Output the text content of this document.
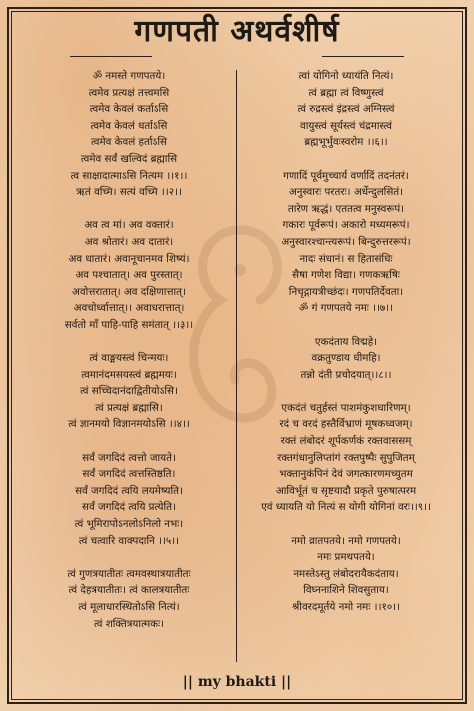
गणपती अथर्वशीर्ष
ॐ नमस्ते गणपतये।
त्वमेव प्रत्यक्षं तत्त्वमसि
त्वमेव केवलं कर्ताऽसि
त्वमेव केवलं धर्ताऽसि
त्वमेव केवलं हर्ताऽसि
त्वमेव सर्वं खल्विदं ब्रह्मासि
त्व साक्षादात्माऽसि नित्यम ।।१।।
ऋतं वच्मि। सत्यं वच्मि ।।२।।
अव त्व मां। अव वक्तारं।
अव श्रोतारं। अव दातारं।
अव धातारं। अवानूचानमव शिष्यं।
अव पश्चातात्। अव पुरस्तात्।
अवोत्तरातात्। अव दक्षिणात्तात्।
अवचोर्ध्वात्तात्।। अवाधरात्तात्।
सर्वतो माँ पाहि-पाहि समंतात् ।।३।।
त्वं वाङ्मयस्त्वं चिन्मयः।
त्वमानंदमसयस्त्वं ब्रह्ममयः।
त्वं सच्चिदानंदाद्वितीयोऽसि।
त्वं प्रत्यक्षं ब्रह्मासि।
त्वं ज्ञानमयो विज्ञानमयोऽसि ।।४।।
सर्वं जगदिदं त्वत्तो जायते।
सर्वं जगदिदं त्वत्तस्तिष्ठति।
सर्वं जगदिदं त्वयि लयमेष्यति।
सर्वं जगदिदं त्वयि प्रत्येति।
त्वं भूमिरापोऽनलोऽनिलो नभः।
त्वं चत्वारि वाक्पदानि ।।५।।
त्वं गुणत्रयातीतः त्वमवस्थात्रयातीतः
त्वं देहत्रयातीतः। त्वं कालत्रयातीतः
त्वं मूलाधारस्थितोऽसि नित्यं।
त्वं शक्तित्रयात्मकः।
त्वां योगिनो ध्यायंति नित्यं।
त्वं ब्रह्मा त्वं विष्णुस्त्वं
त्वं रुद्रस्त्वं इंद्रस्त्वं अग्निस्त्वं
वायुस्त्वं सूर्यस्त्वं चंद्रमास्त्वं
ब्रह्मभूर्भुवःस्वरोम ।।६।।
गणादिं पूर्वमुच्चार्य वर्णादिं तदनंतरं।
अनुस्वारः परतरः। अर्धेन्दुलसितं।
तारेण ऋद्धं। एततत्व मनुस्वरूपं।
गकारः पूर्वरूपं। अकारो मध्यमरूपं।
अनुस्वारश्चान्त्यरूपं। बिन्दुरुत्तररूपं।
नादः संधानं। स हितासंधिः
सैषा गणेश विद्या। गणकऋषिः
निचृद्गायत्रीच्छंदः। गणपतिर्देवता।
ॐ गं गणपतये नमः ।।७।।
एकदंताय विद्महे।
वक्रतुण्डाय धीमहि।
तन्नो दंती प्रचोदयात्।।८।।
एकदंतं चतुर्हस्तं पाशमंकुशधारिणम्।
रदं च वरदं हस्तैर्विभ्राणं मूषकध्वजम्।
रक्तं लंबोदरं शूर्पकर्णकं रक्तवाससम्
रक्तगंधानुलिप्तांगं रक्तपुष्पैः सुपुजितम्
भक्तानुकंपिनं देवं जगत्कारणमच्युतम
आविर्भूतं च सृष्टयादौ प्रकृते पुरुषात्परम
एवं ध्यायति यो नित्यं स योगी योगिनां वरः।।९।।
नमो व्रातपतये। नमो गणपतये।
नमः प्रमथपतये।
नमस्तेऽस्तु लंबोदरायैकदंताय।
विघ्ननाशिने शिवसुताय।
श्रीवरदमूर्तये नमो नमः ।।१०।।
|| my bhakti ||
